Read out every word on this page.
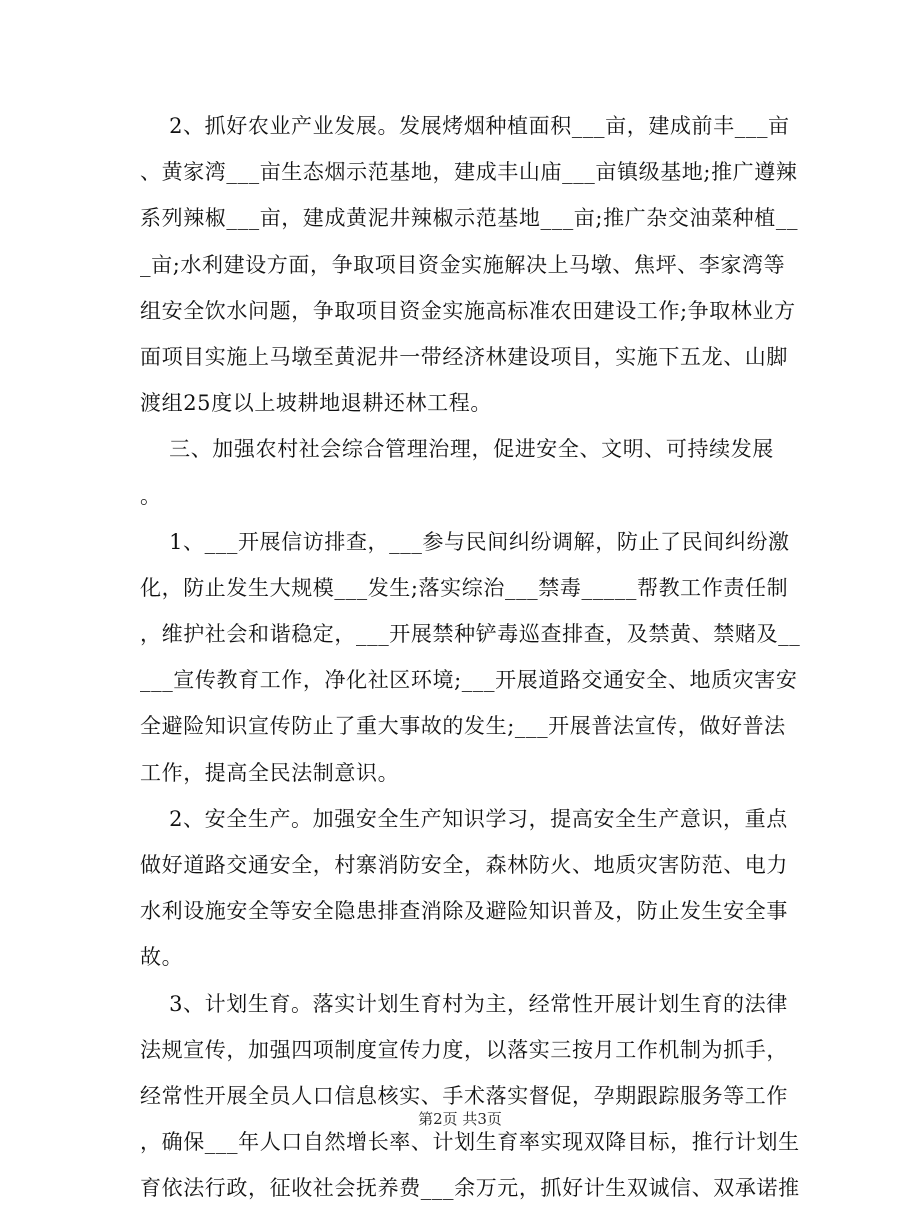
2、抓好农业产业发展。发展烤烟种植面积___亩，建成前丰___亩
、黄家湾___亩生态烟示范基地，建成丰山庙___亩镇级基地;推广遵辣
系列辣椒___亩，建成黄泥井辣椒示范基地___亩;推广杂交油菜种植__
_亩;水利建设方面，争取项目资金实施解决上马墩、焦坪、李家湾等
组安全饮水问题，争取项目资金实施高标准农田建设工作;争取林业方
面项目实施上马墩至黄泥井一带经济林建设项目，实施下五龙、山脚
渡组25度以上坡耕地退耕还林工程。
三、加强农村社会综合管理治理，促进安全、文明、可持续发展
。
1、___开展信访排查，___参与民间纠纷调解，防止了民间纠纷激
化，防止发生大规模___发生;落实综治___禁毒_____帮教工作责任制
，维护社会和谐稳定，___开展禁种铲毒巡查排查，及禁黄、禁赌及__
___宣传教育工作，净化社区环境;___开展道路交通安全、地质灾害安
全避险知识宣传防止了重大事故的发生;___开展普法宣传，做好普法
工作，提高全民法制意识。
2、安全生产。加强安全生产知识学习，提高安全生产意识，重点
做好道路交通安全，村寨消防安全，森林防火、地质灾害防范、电力
水利设施安全等安全隐患排查消除及避险知识普及，防止发生安全事
故。
3、计划生育。落实计划生育村为主，经常性开展计划生育的法律
法规宣传，加强四项制度宣传力度，以落实三按月工作机制为抓手，
经常性开展全员人口信息核实、手术落实督促，孕期跟踪服务等工作
，确保___年人口自然增长率、计划生育率实现双降目标，推行计划生
育依法行政，征收社会抚养费___余万元，抓好计生双诚信、双承诺推
第2页 共3页
